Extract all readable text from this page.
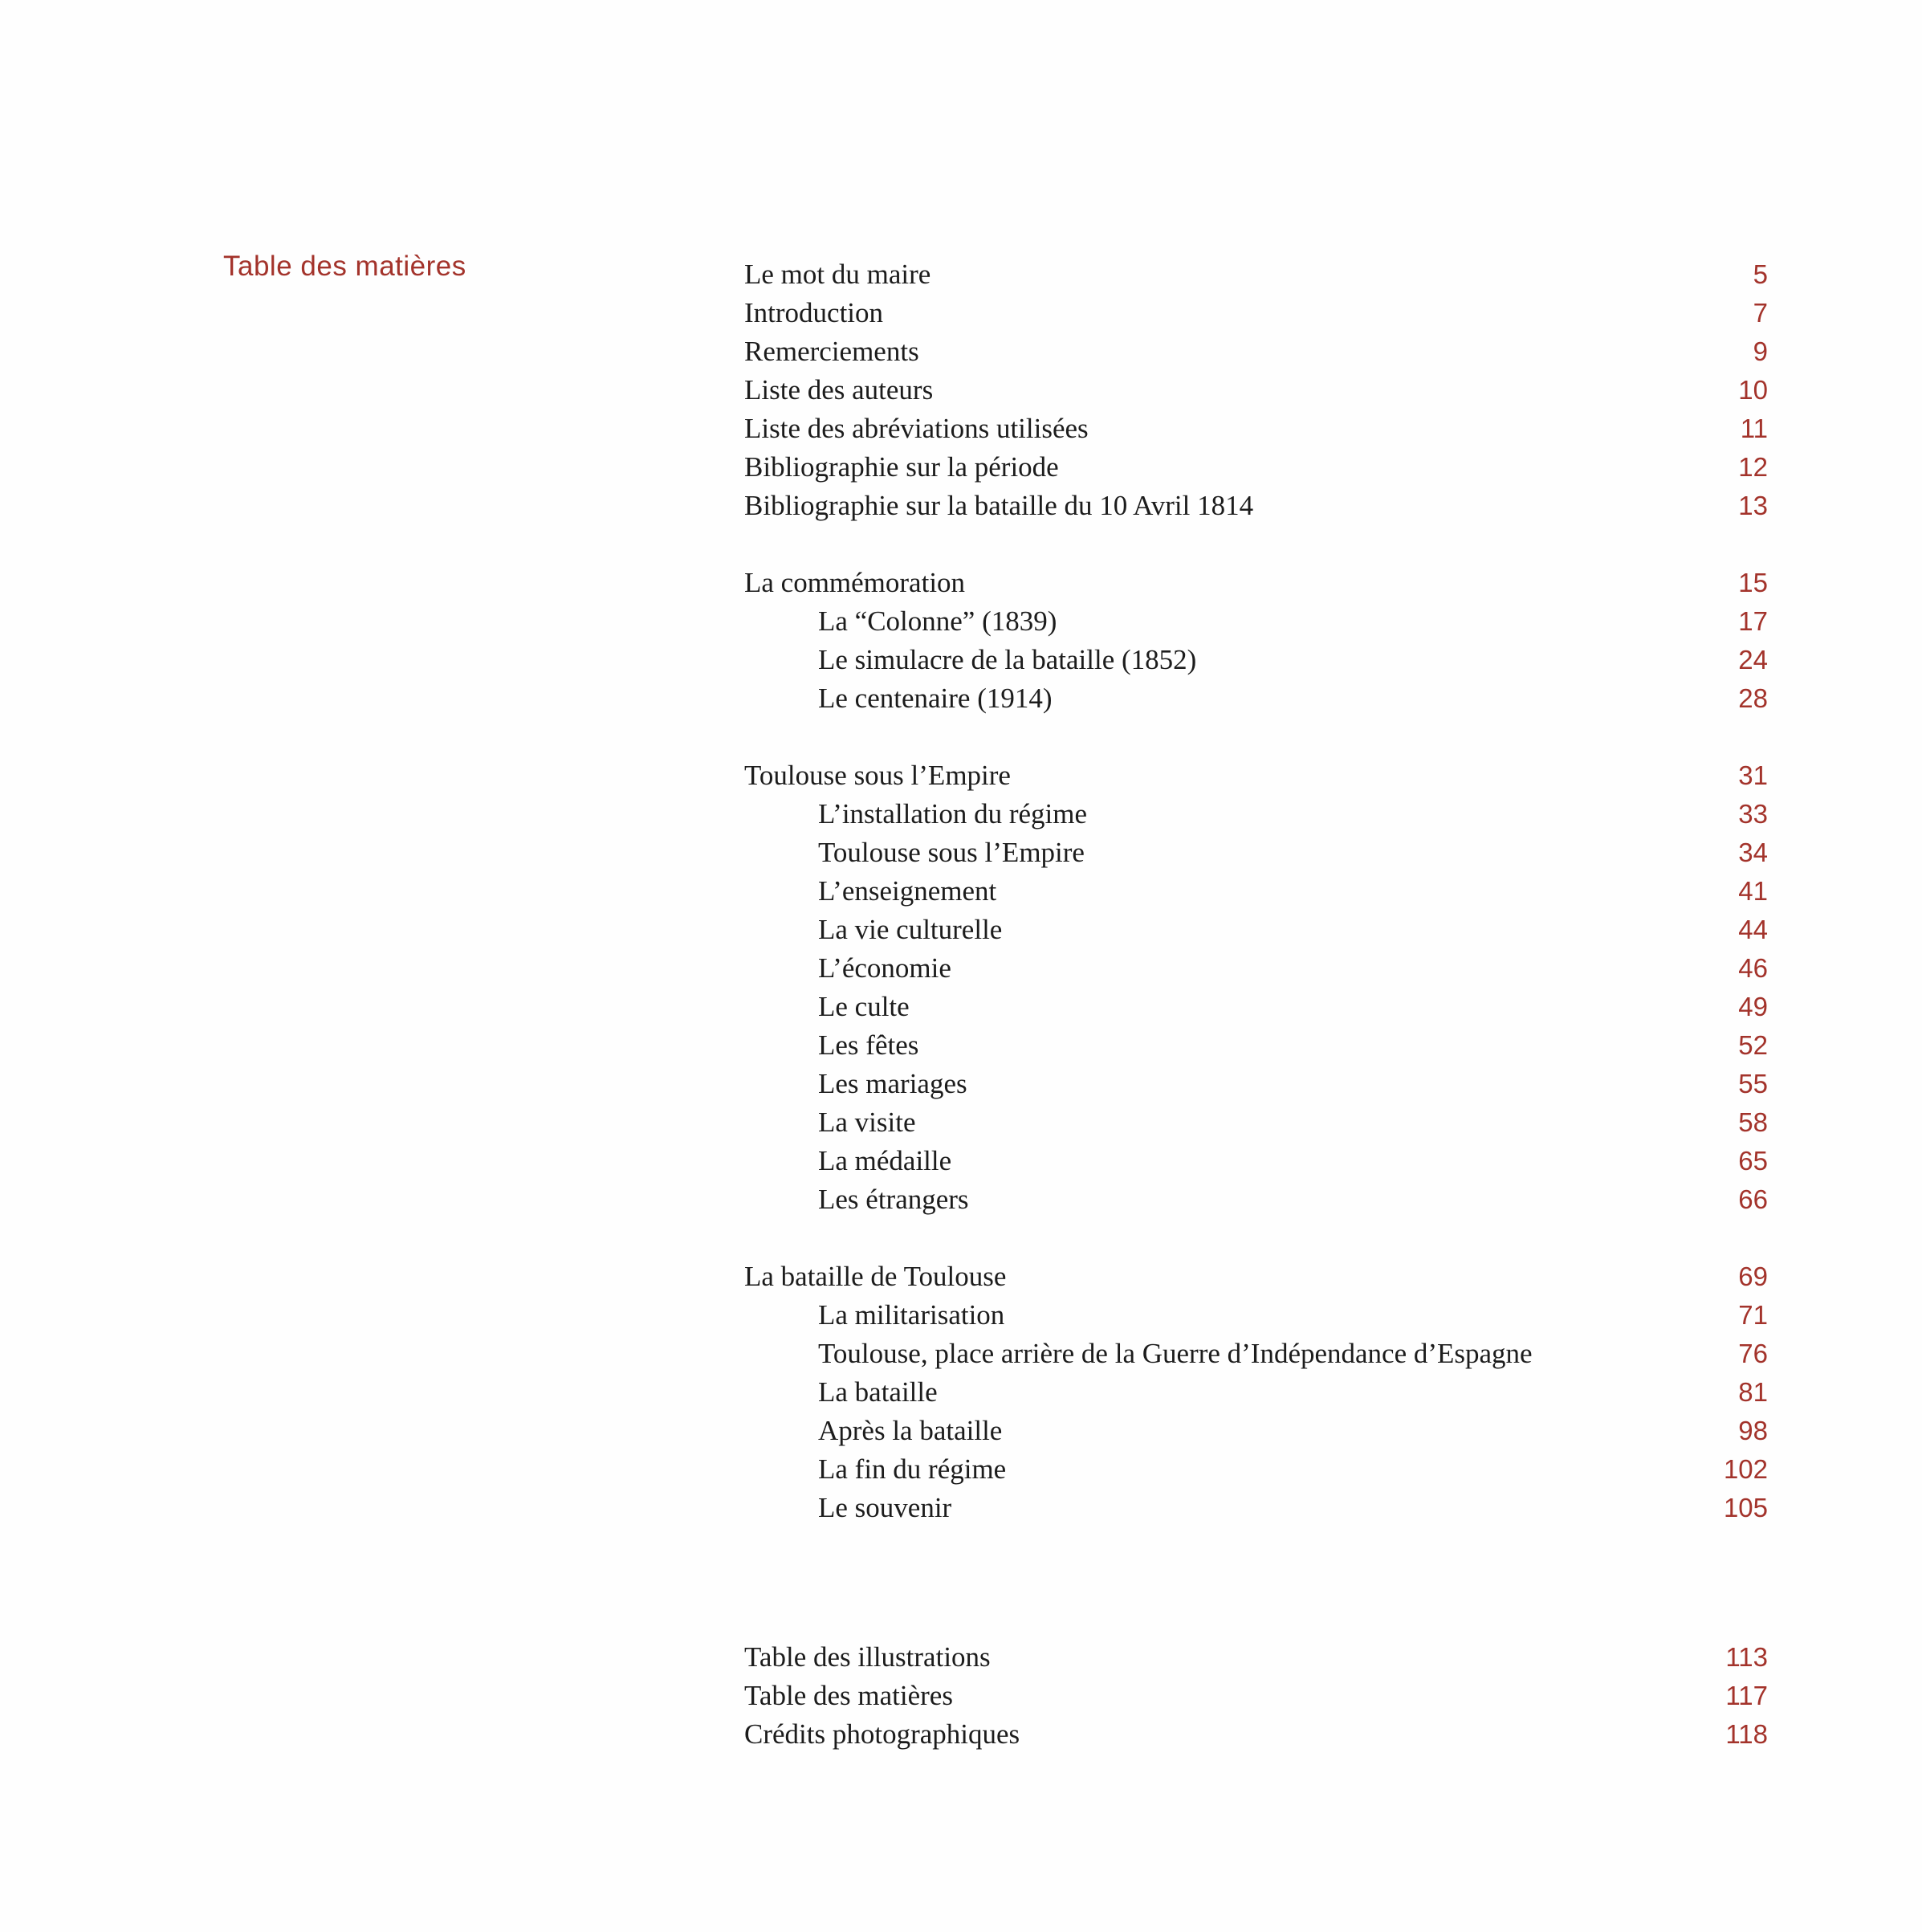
Table des matières	Le mot du maire	5
Introduction	7
Remerciements	9
Liste des auteurs	10
Liste des abréviations utilisées	11
Bibliographie sur la période	12
Bibliographie sur la bataille du 10 Avril 1814	13
La commémoration	15
La “Colonne” (1839)	17
Le simulacre de la bataille (1852)	24
Le centenaire (1914)	28
Toulouse sous l’Empire	31
L’installation du régime	33
Toulouse sous l’Empire	34
L’enseignement	41
La vie culturelle	44
L’économie	46
Le culte	49
Les fêtes	52
Les mariages	55
La visite	58
La médaille	65
Les étrangers	66
La bataille de Toulouse	69
La militarisation	71
Toulouse, place arrière de la Guerre d’Indépendance d’Espagne	76
La bataille	81
Après la bataille	98
La fin du régime	102
Le souvenir	105
Table des illustrations	113
Table des matières	117
Crédits photographiques	118
